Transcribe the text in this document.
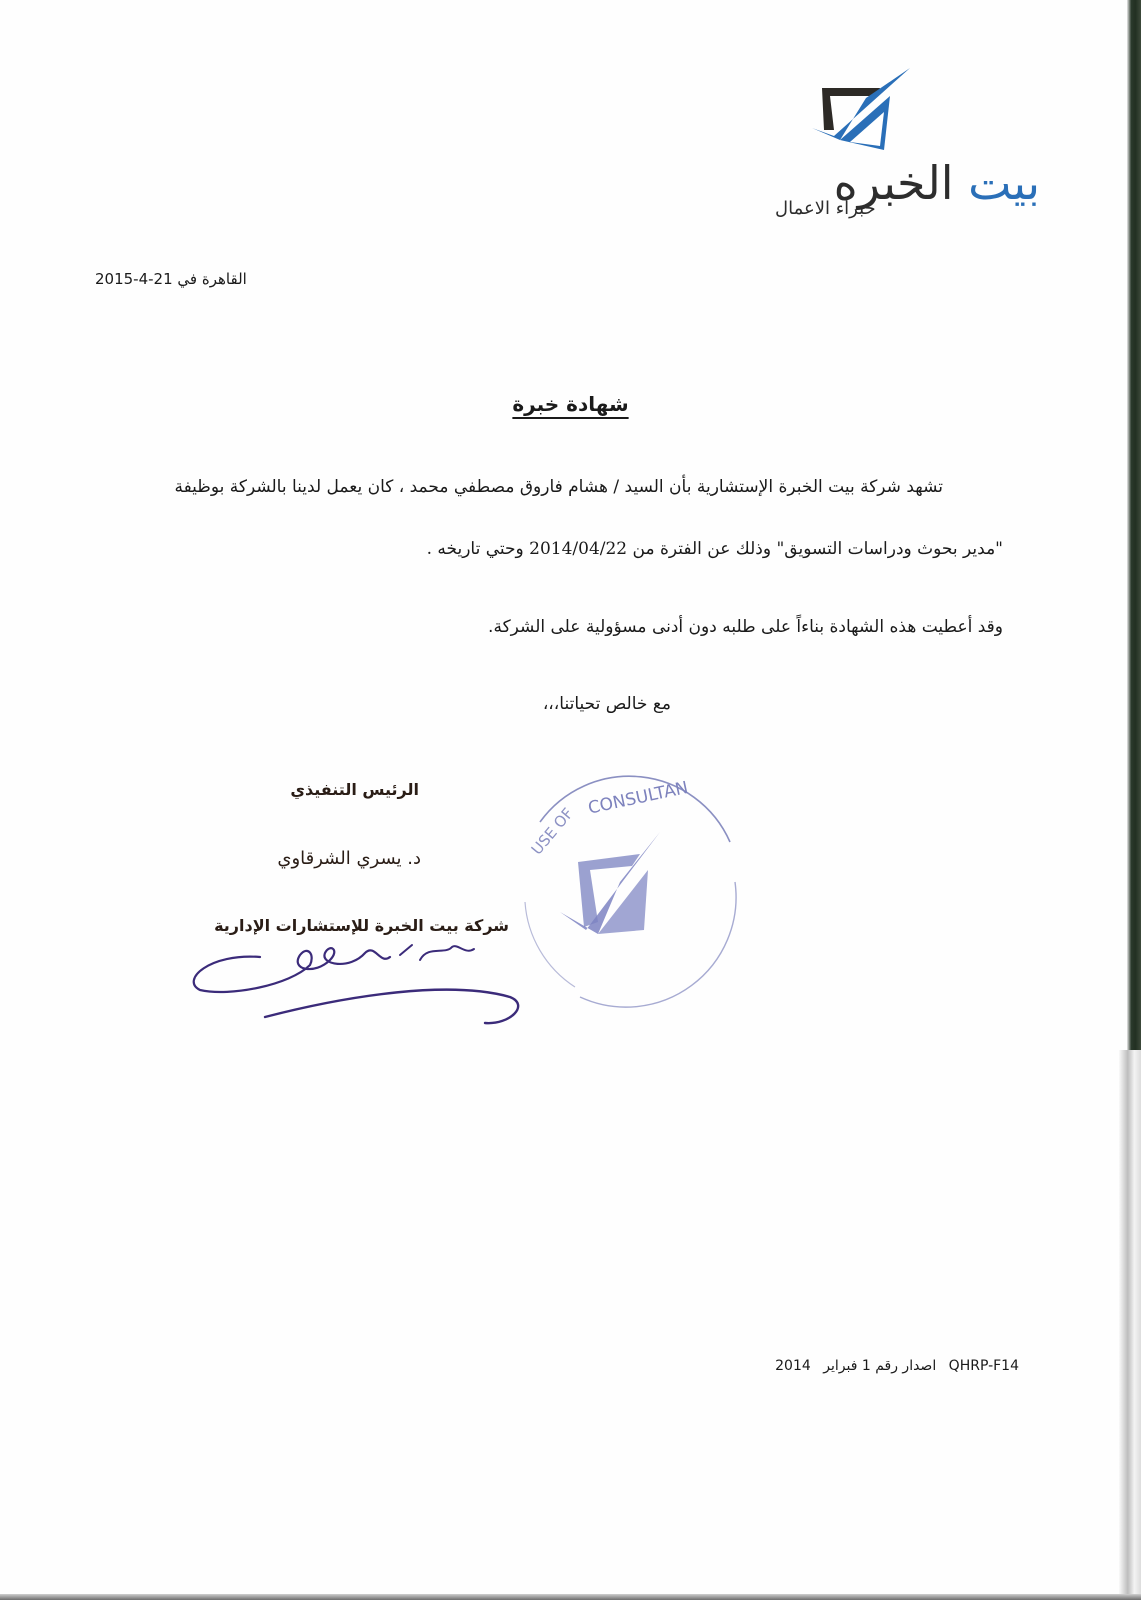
بيت الخبره
خبراء الاعمال
2015-4-21 القاهرة في
شهادة خبرة
تشهد شركة بيت الخبرة الإستشارية بأن السيد / هشام فاروق مصطفي محمد ، كان يعمل لدينا بالشركة بوظيفة
"مدير بحوث ودراسات التسويق" وذلك عن الفترة من 2014/04/22 وحتي تاريخه .
وقد أعطيت هذه الشهادة بناءاً على طلبه دون أدنى مسؤولية على الشركة.
مع خالص تحياتنا،،،
الرئيس التنفيذي
د. يسري الشرقاوي
شركة بيت الخبرة للإستشارات الإدارية
CONSULTAN
USE OF
2014 اصدار رقم 1 فبراير QHRP-F14
